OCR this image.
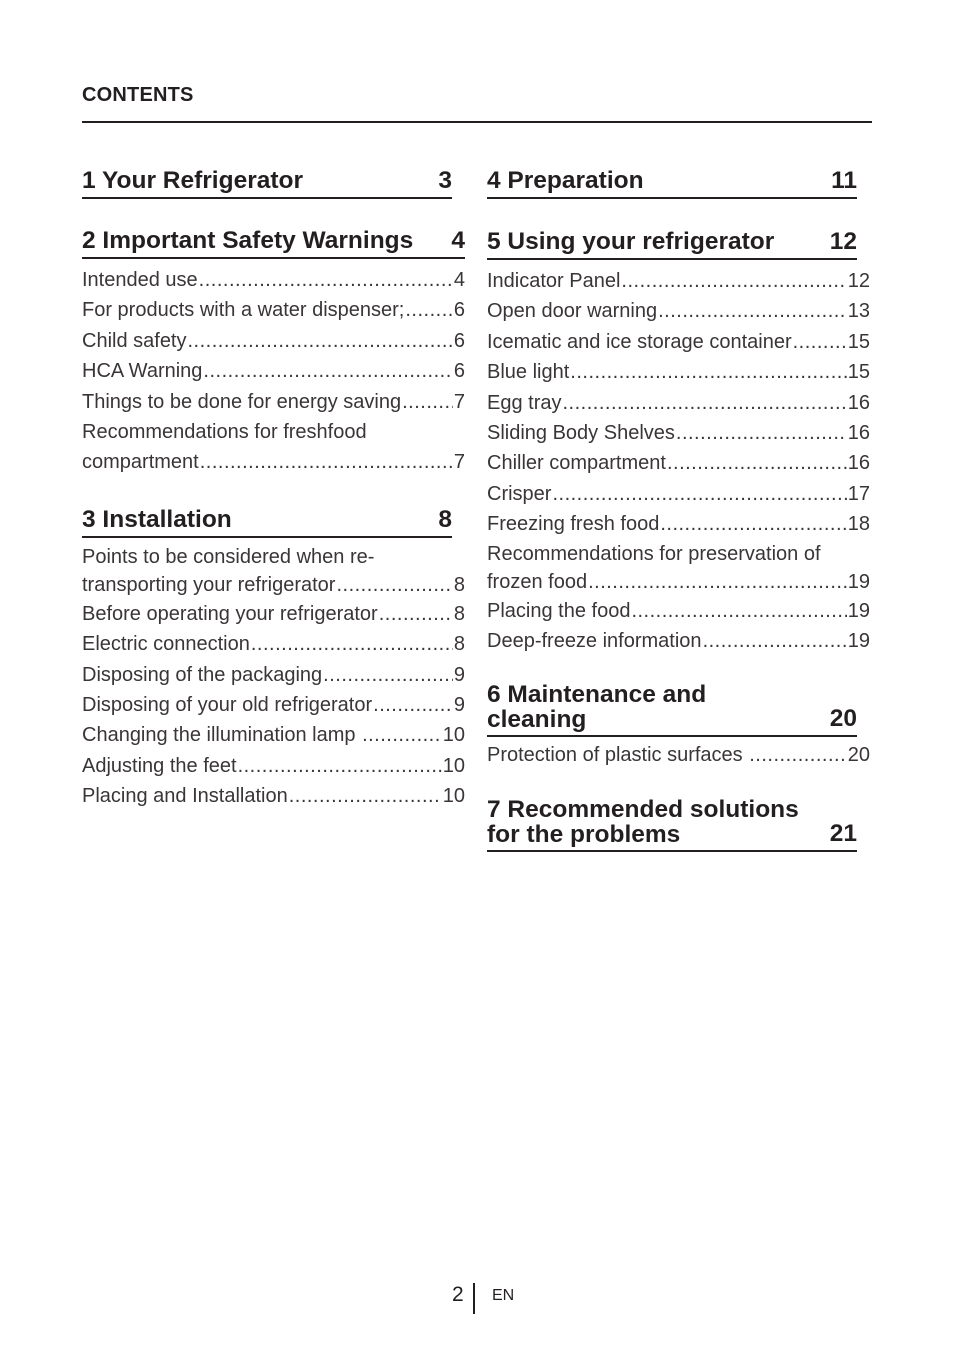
CONTENTS
1 Your Refrigerator	3
2 Important Safety Warnings 4
Intended use .....	4
For products with a water dispenser; ..... 6
Child safety .....	6
HCA Warning .....	6
Things to be done for energy saving .....	7
Recommendations for freshfood
compartment .....	7
3 Installation	8
Points to be considered when re-
transporting your refrigerator .....	8
Before operating your refrigerator .....	8
Electric connection .....	8
Disposing of the packaging .....	9
Disposing of your old refrigerator .....	9
Changing the illumination lamp .....	10
Adjusting the feet .....	10
Placing and Installation .....	10
4 Preparation	11
5 Using your refrigerator 12
Indicator Panel .....	12
Open door warning .....	13
Icematic and ice storage container .....	15
Blue light .....	15
Egg tray .....	16
Sliding Body Shelves .....	16
Chiller compartment .....	16
Crisper .....	17
Freezing fresh food .....	18
Recommendations for preservation of
frozen food .....	19
Placing the food .....	19
Deep-freeze information .....	19
6 Maintenance and
cleaning	20
Protection of plastic surfaces .....	20
7 Recommended solutions
for the problems	21
2 EN
